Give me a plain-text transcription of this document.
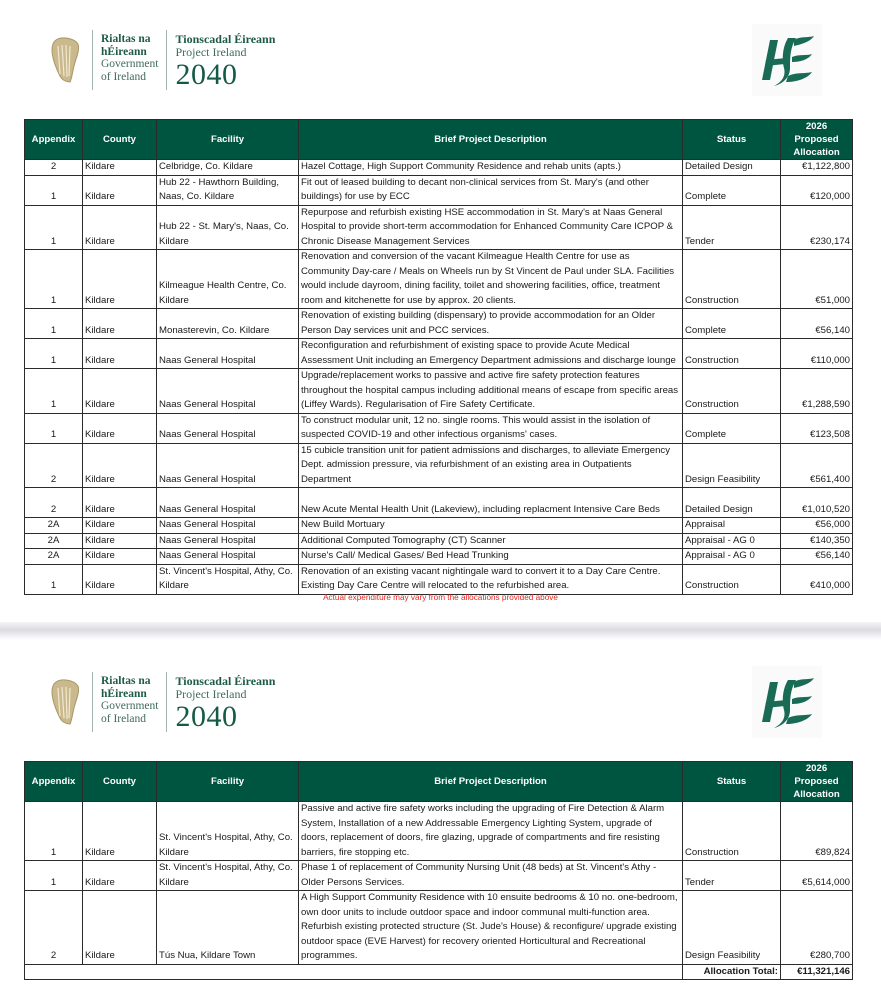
Rialtas na
hÉireann
Government
of Ireland
Tionscadal Éireann
Project Ireland
2040
Appendix	County	Facility	Brief Project Description	Status	2026 Proposed Allocation
2	Kildare	Celbridge, Co. Kildare	Hazel Cottage, High Support Community Residence and rehab units (apts.)	Detailed Design	€1,122,800
1	Kildare	Hub 22 - Hawthorn Building, Naas, Co. Kildare	Fit out of leased building to decant non-clinical services from St. Mary's (and other buildings) for use by ECC	Complete	€120,000
1	Kildare	Hub 22 - St. Mary's, Naas, Co. Kildare	Repurpose and refurbish existing HSE accommodation in St. Mary's at Naas General Hospital to provide short-term accommodation for Enhanced Community Care ICPOP & Chronic Disease Management Services	Tender	€230,174
1	Kildare	Kilmeague Health Centre, Co. Kildare	Renovation and conversion of the vacant Kilmeague Health Centre for use as Community Day-care / Meals on Wheels run by St Vincent de Paul under SLA. Facilities would include dayroom, dining facility, toilet and showering facilities, office, treatment room and kitchenette for use by approx. 20 clients.	Construction	€51,000
1	Kildare	Monasterevin, Co. Kildare	Renovation of existing building (dispensary) to provide accommodation for an Older Person Day services unit and PCC services.	Complete	€56,140
1	Kildare	Naas General Hospital	Reconfiguration and refurbishment of existing space to provide Acute Medical Assessment Unit including an Emergency Department admissions and discharge lounge	Construction	€110,000
1	Kildare	Naas General Hospital	Upgrade/replacement works to passive and active fire safety protection features throughout the hospital campus including additional means of escape from specific areas (Liffey Wards). Regularisation of Fire Safety Certificate.	Construction	€1,288,590
1	Kildare	Naas General Hospital	To construct modular unit, 12 no. single rooms. This would assist in the isolation of suspected COVID-19 and other infectious organisms' cases.	Complete	€123,508
2	Kildare	Naas General Hospital	15 cubicle transition unit for patient admissions and discharges, to alleviate Emergency Dept. admission pressure, via refurbishment of an existing area in Outpatients Department	Design Feasibility	€561,400
2	Kildare	Naas General Hospital	New Acute Mental Health Unit (Lakeview), including replacment Intensive Care Beds	Detailed Design	€1,010,520
2A	Kildare	Naas General Hospital	New Build Mortuary	Appraisal	€56,000
2A	Kildare	Naas General Hospital	Additional Computed Tomography (CT) Scanner	Appraisal - AG 0	€140,350
2A	Kildare	Naas General Hospital	Nurse's Call/ Medical Gases/ Bed Head Trunking	Appraisal - AG 0	€56,140
1	Kildare	St. Vincent's Hospital, Athy, Co. Kildare	Renovation of an existing vacant nightingale ward to convert it to a Day Care Centre. Existing Day Care Centre will relocated to the refurbished area.	Construction	€410,000
Actual expenditure may vary from the allocations provided above
Rialtas na
hÉireann
Government
of Ireland
Tionscadal Éireann
Project Ireland
2040
Appendix	County	Facility	Brief Project Description	Status	2026 Proposed Allocation
1	Kildare	St. Vincent's Hospital, Athy, Co. Kildare	Passive and active fire safety works including the upgrading of Fire Detection & Alarm System, Installation of a new Addressable Emergency Lighting System, upgrade of doors, replacement of doors, fire glazing, upgrade of compartments and fire resisting barriers, fire stopping etc.	Construction	€89,824
1	Kildare	St. Vincent's Hospital, Athy, Co. Kildare	Phase 1 of replacement of Community Nursing Unit (48 beds) at St. Vincent's Athy - Older Persons Services.	Tender	€5,614,000
2	Kildare	Tús Nua, Kildare Town	A High Support Community Residence with 10 ensuite bedrooms & 10 no. one-bedroom, own door units to include outdoor space and indoor communal multi-function area. Refurbish existing protected structure (St. Jude's House) & reconfigure/ upgrade existing outdoor space (EVE Harvest) for recovery oriented Horticultural and Recreational programmes.	Design Feasibility	€280,700
				Allocation Total:	€11,321,146
